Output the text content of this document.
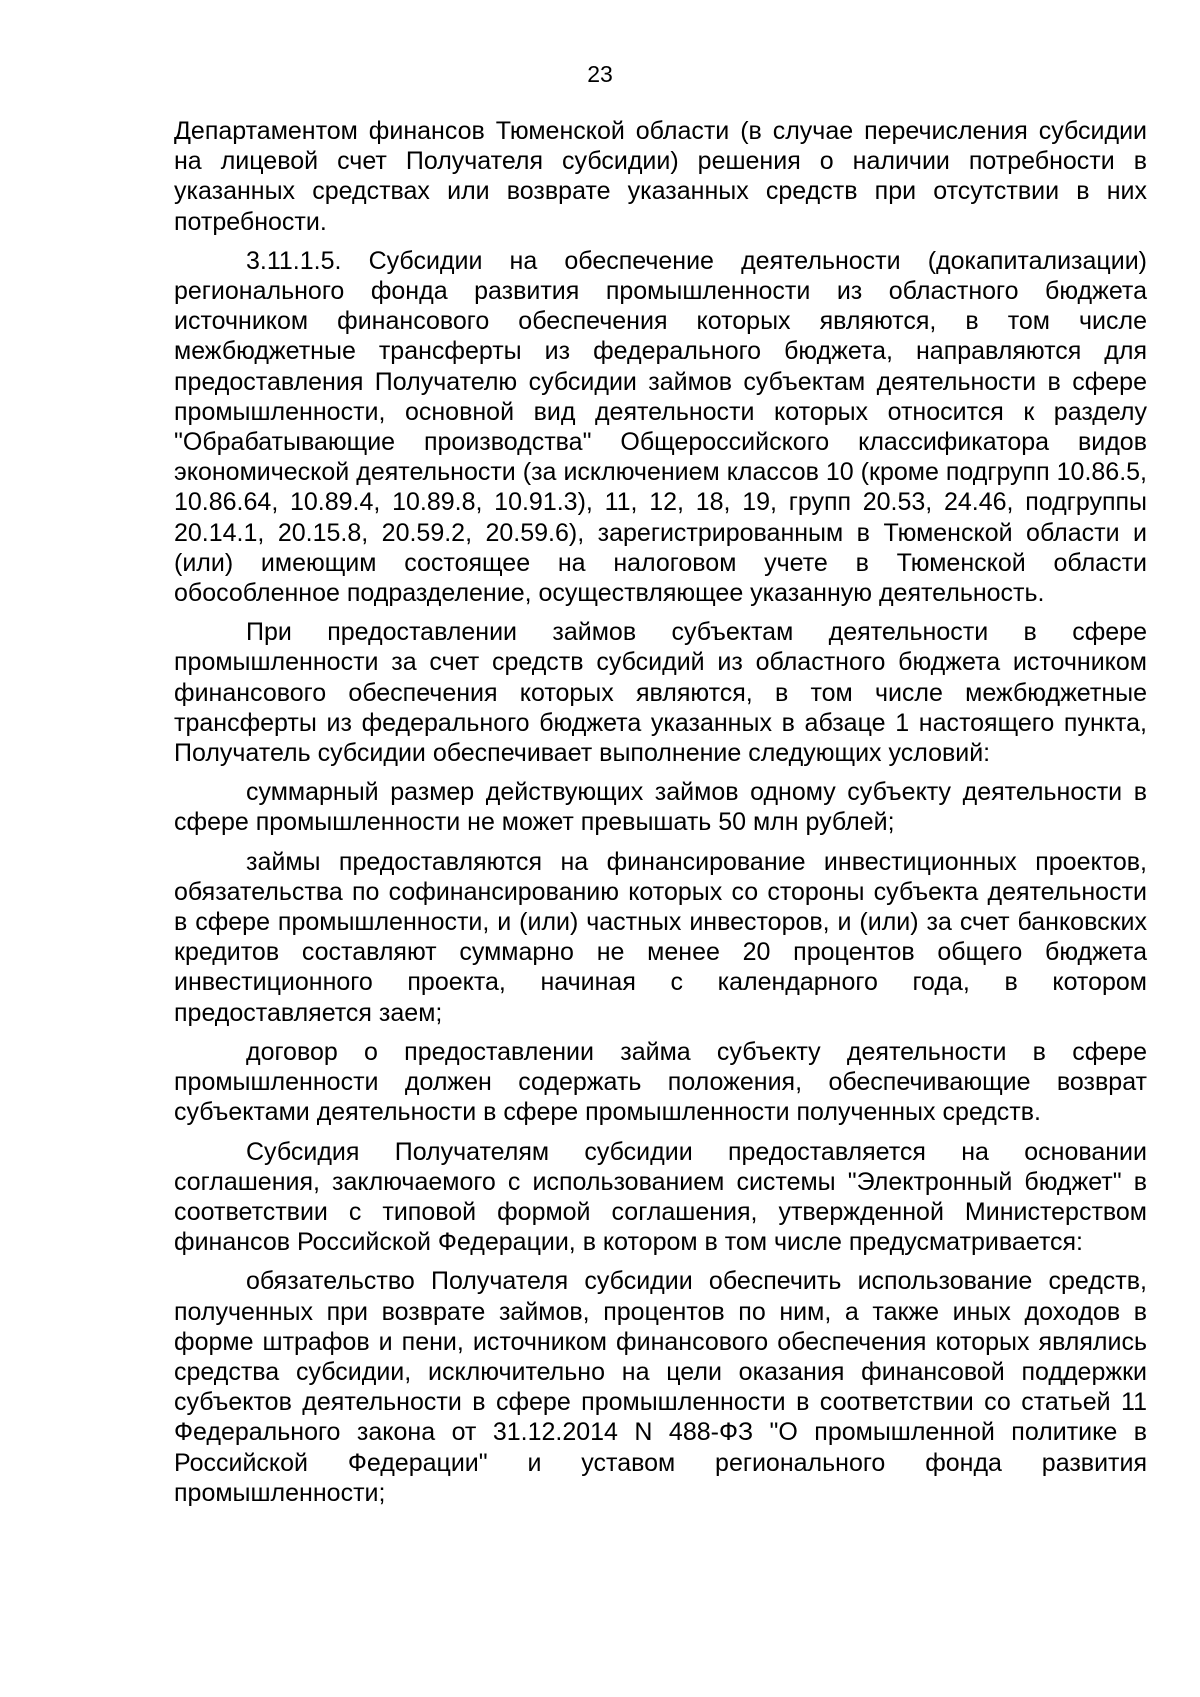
23

Департаментом финансов Тюменской области (в случае перечисления субсидии на лицевой счет Получателя субсидии) решения о наличии потребности в указанных средствах или возврате указанных средств при отсутствии в них потребности.

3.11.1.5. Субсидии на обеспечение деятельности (докапитализации) регионального фонда развития промышленности из областного бюджета источником финансового обеспечения которых являются, в том числе межбюджетные трансферты из федерального бюджета, направляются для предоставления Получателю субсидии займов субъектам деятельности в сфере промышленности, основной вид деятельности которых относится к разделу "Обрабатывающие производства" Общероссийского классификатора видов экономической деятельности (за исключением классов 10 (кроме подгрупп 10.86.5, 10.86.64, 10.89.4, 10.89.8, 10.91.3), 11, 12, 18, 19, групп 20.53, 24.46, подгруппы 20.14.1, 20.15.8, 20.59.2, 20.59.6), зарегистрированным в Тюменской области и (или) имеющим состоящее на налоговом учете в Тюменской области обособленное подразделение, осуществляющее указанную деятельность.

При предоставлении займов субъектам деятельности в сфере промышленности за счет средств субсидий из областного бюджета источником финансового обеспечения которых являются, в том числе межбюджетные трансферты из федерального бюджета указанных в абзаце 1 настоящего пункта, Получатель субсидии обеспечивает выполнение следующих условий:

суммарный размер действующих займов одному субъекту деятельности в сфере промышленности не может превышать 50 млн рублей;

займы предоставляются на финансирование инвестиционных проектов, обязательства по софинансированию которых со стороны субъекта деятельности в сфере промышленности, и (или) частных инвесторов, и (или) за счет банковских кредитов составляют суммарно не менее 20 процентов общего бюджета инвестиционного проекта, начиная с календарного года, в котором предоставляется заем;

договор о предоставлении займа субъекту деятельности в сфере промышленности должен содержать положения, обеспечивающие возврат субъектами деятельности в сфере промышленности полученных средств.

Субсидия Получателям субсидии предоставляется на основании соглашения, заключаемого с использованием системы "Электронный бюджет" в соответствии с типовой формой соглашения, утвержденной Министерством финансов Российской Федерации, в котором в том числе предусматривается:

обязательство Получателя субсидии обеспечить использование средств, полученных при возврате займов, процентов по ним, а также иных доходов в форме штрафов и пени, источником финансового обеспечения которых являлись средства субсидии, исключительно на цели оказания финансовой поддержки субъектов деятельности в сфере промышленности в соответствии со статьей 11 Федерального закона от 31.12.2014 N 488-ФЗ "О промышленной политике в Российской Федерации" и уставом регионального фонда развития промышленности;
